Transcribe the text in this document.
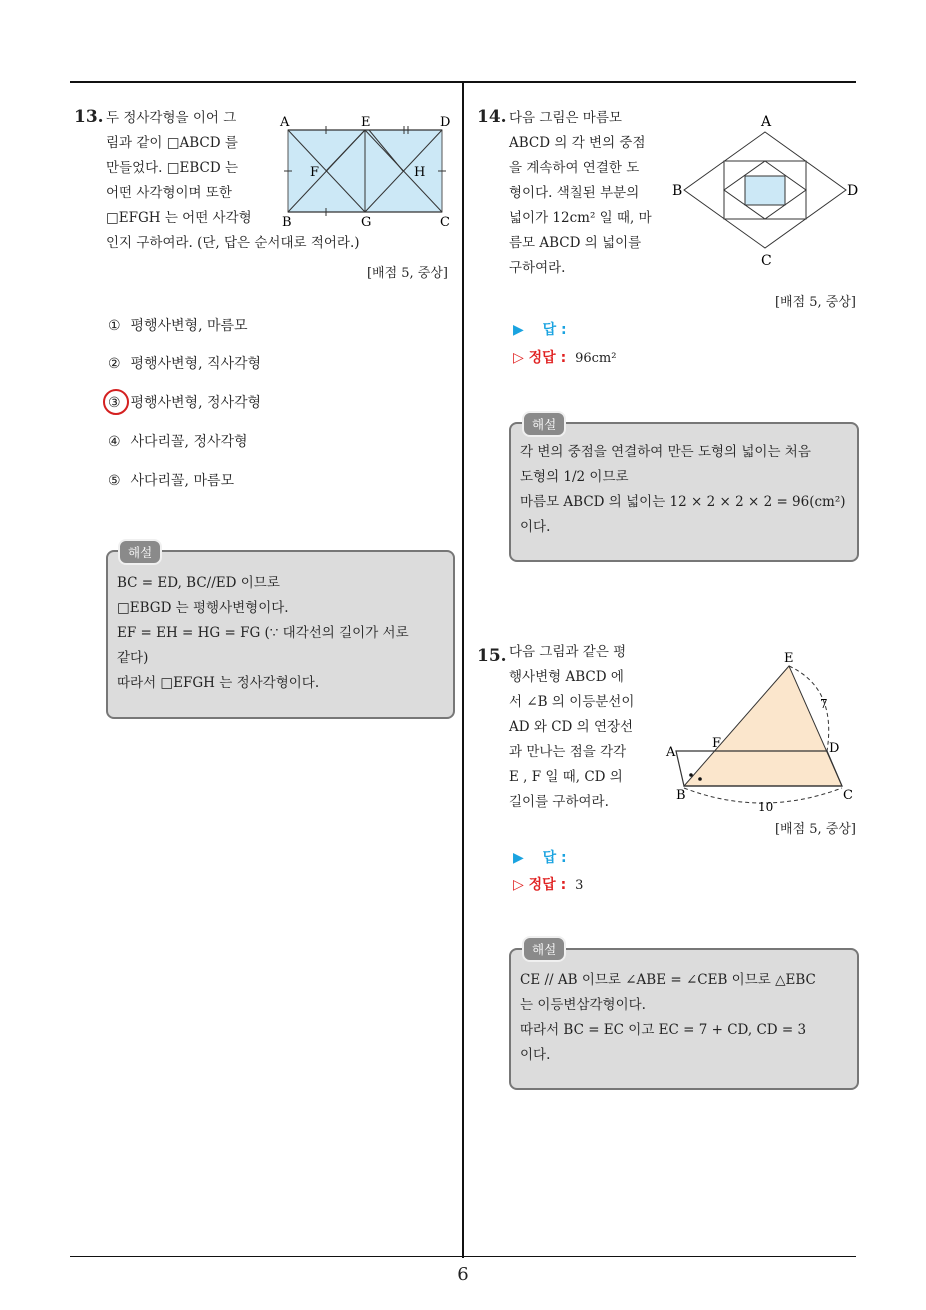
6
13. 두 정사각형을 이어 그
림과 같이 □ABCD 를
만들었다. □EBCD 는
어떤 사각형이며 또한
□EFGH 는 어떤 사각형
인지 구하여라. (단, 답은 순서대로 적어라.)
[배점 5, 중상]
A	E	D
F	H
B	G	C
① 평행사변형, 마름모
② 평행사변형, 직사각형
③ 평행사변형, 정사각형
④ 사다리꼴, 정사각형
⑤ 사다리꼴, 마름모
해설
BC = ED, BC//ED 이므로
□EBGD 는 평행사변형이다.
EF = EH = HG = FG (∵ 대각선의 길이가 서로
같다)
따라서 □EFGH 는 정사각형이다.
14. 다음 그림은 마름모
ABCD 의 각 변의 중점
을 계속하여 연결한 도
형이다. 색칠된 부분의
넓이가 12cm² 일 때, 마
름모 ABCD 의 넓이를
구하여라.
A
B
C
D
[배점 5, 중상]
▶ 답 :
▷ 정답 : 96cm²
해설
각 변의 중점을 연결하여 만든 도형의 넓이는 처음
도형의 1/2 이므로
마름모 ABCD 의 넓이는 12 × 2 × 2 × 2 = 96(cm²)
이다.
15. 다음 그림과 같은 평
행사변형 ABCD 에
서 ∠B 의 이등분선이
AD 와 CD 의 연장선
과 만나는 점을 각각
E , F 일 때, CD 의
길이를 구하여라.
E
7
A
F	D
B
10
C
[배점 5, 중상]
▶ 답 :
▷ 정답 : 3
해설
CE // AB 이므로 ∠ABE = ∠CEB 이므로 △EBC
는 이등변삼각형이다.
따라서 BC = EC 이고 EC = 7 + CD, CD = 3
이다.
